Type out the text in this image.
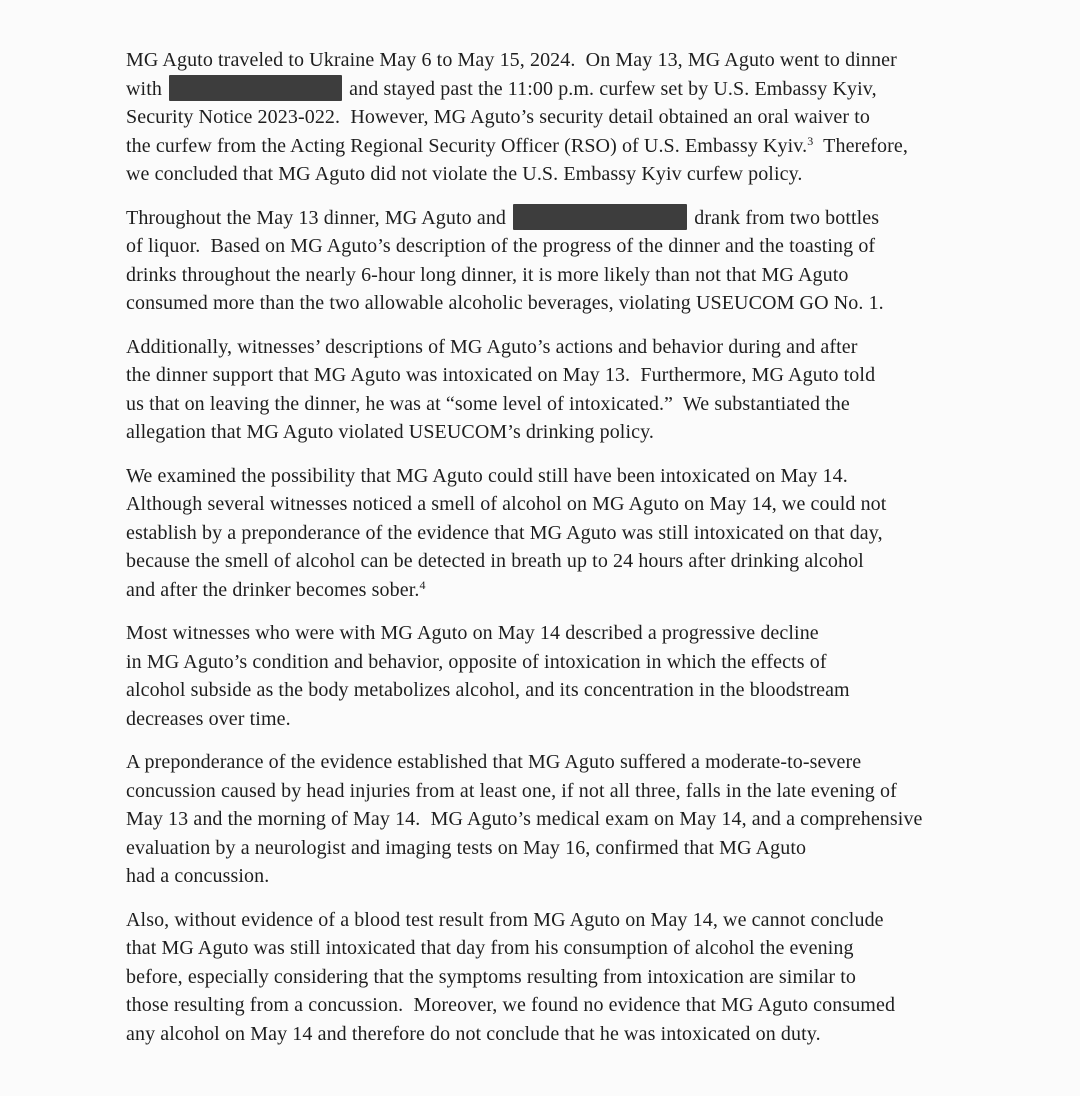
MG Aguto traveled to Ukraine May 6 to May 15, 2024.  On May 13, MG Aguto went to dinner
with	and stayed past the 11:00 p.m. curfew set by U.S. Embassy Kyiv,
Security Notice 2023-022.  However, MG Aguto’s security detail obtained an oral waiver to
the curfew from the Acting Regional Security Officer (RSO) of U.S. Embassy Kyiv.$^3$  Therefore,
we concluded that MG Aguto did not violate the U.S. Embassy Kyiv curfew policy.
Throughout the May 13 dinner, MG Aguto and	drank from two bottles
of liquor.  Based on MG Aguto’s description of the progress of the dinner and the toasting of
drinks throughout the nearly 6-hour long dinner, it is more likely than not that MG Aguto
consumed more than the two allowable alcoholic beverages, violating USEUCOM GO No. 1.
Additionally, witnesses’ descriptions of MG Aguto’s actions and behavior during and after
the dinner support that MG Aguto was intoxicated on May 13.  Furthermore, MG Aguto told
us that on leaving the dinner, he was at “some level of intoxicated.”  We substantiated the
allegation that MG Aguto violated USEUCOM’s drinking policy.
We examined the possibility that MG Aguto could still have been intoxicated on May 14.
Although several witnesses noticed a smell of alcohol on MG Aguto on May 14, we could not
establish by a preponderance of the evidence that MG Aguto was still intoxicated on that day,
because the smell of alcohol can be detected in breath up to 24 hours after drinking alcohol
and after the drinker becomes sober.$^4$
Most witnesses who were with MG Aguto on May 14 described a progressive decline
in MG Aguto’s condition and behavior, opposite of intoxication in which the effects of
alcohol subside as the body metabolizes alcohol, and its concentration in the bloodstream
decreases over time.
A preponderance of the evidence established that MG Aguto suffered a moderate-to-severe
concussion caused by head injuries from at least one, if not all three, falls in the late evening of
May 13 and the morning of May 14.  MG Aguto’s medical exam on May 14, and a comprehensive
evaluation by a neurologist and imaging tests on May 16, confirmed that MG Aguto
had a concussion.
Also, without evidence of a blood test result from MG Aguto on May 14, we cannot conclude
that MG Aguto was still intoxicated that day from his consumption of alcohol the evening
before, especially considering that the symptoms resulting from intoxication are similar to
those resulting from a concussion.  Moreover, we found no evidence that MG Aguto consumed
any alcohol on May 14 and therefore do not conclude that he was intoxicated on duty.
